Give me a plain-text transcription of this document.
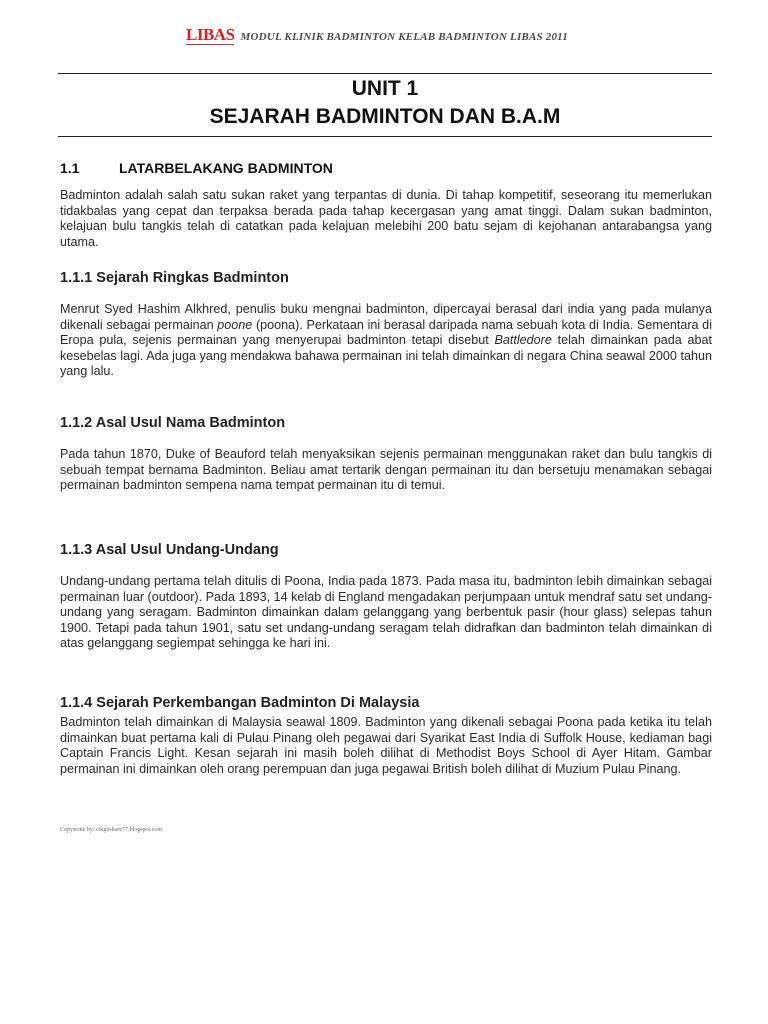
LIBAS MODUL KLINIK BADMINTON KELAB BADMINTON LIBAS 2011
UNIT 1
SEJARAH BADMINTON DAN B.A.M
1.1	LATARBELAKANG BADMINTON

Badminton adalah salah satu sukan raket yang terpantas di dunia. Di tahap kompetitif, seseorang itu memerlukan tidakbalas yang cepat dan terpaksa berada pada tahap kecergasan yang amat tinggi. Dalam sukan badminton, kelajuan bulu tangkis telah di catatkan pada kelajuan melebihi 200 batu sejam di kejohanan antarabangsa yang utama.

1.1.1 Sejarah Ringkas Badminton

Menrut Syed Hashim Alkhred, penulis buku mengnai badminton, dipercayai berasal dari india yang pada mulanya dikenali sebagai permainan poone (poona). Perkataan ini berasal daripada nama sebuah kota di India. Sementara di Eropa pula, sejenis permainan yang menyerupai badminton tetapi disebut Battledore telah dimainkan pada abat kesebelas lagi. Ada juga yang mendakwa bahawa permainan ini telah dimainkan di negara China seawal 2000 tahun yang lalu.

1.1.2 Asal Usul Nama Badminton

Pada tahun 1870, Duke of Beauford telah menyaksikan sejenis permainan menggunakan raket dan bulu tangkis di sebuah tempat bernama Badminton. Beliau amat tertarik dengan permainan itu dan bersetuju menamakan sebagai permainan badminton sempena nama tempat permainan itu di temui.

1.1.3 Asal Usul Undang-Undang

Undang-undang pertama telah ditulis di Poona, India pada 1873. Pada masa itu, badminton lebih dimainkan sebagai permainan luar (outdoor). Pada 1893, 14 kelab di England mengadakan perjumpaan untuk mendraf satu set undang-undang yang seragam. Badminton dimainkan dalam gelanggang yang berbentuk pasir (hour glass) selepas tahun 1900. Tetapi pada tahun 1901, satu set undang-undang seragam telah didrafkan dan badminton telah dimainkan di atas gelanggang segiempat sehingga ke hari ini.

1.1.4 Sejarah Perkembangan Badminton Di Malaysia

Badminton telah dimainkan di Malaysia seawal 1809. Badminton yang dikenali sebagai Poona pada ketika itu telah dimainkan buat pertama kali di Pulau Pinang oleh pegawai dari Syarikat East India di Suffolk House, kediaman bagi Captain Francis Light. Kesan sejarah ini masih boleh dilihat di Methodist Boys School di Ayer Hitam. Gambar permainan ini dimainkan oleh orang perempuan dan juga pegawai British boleh dilihat di Muzium Pulau Pinang.

Copywrite by: cikgushare77.blogspot.com
